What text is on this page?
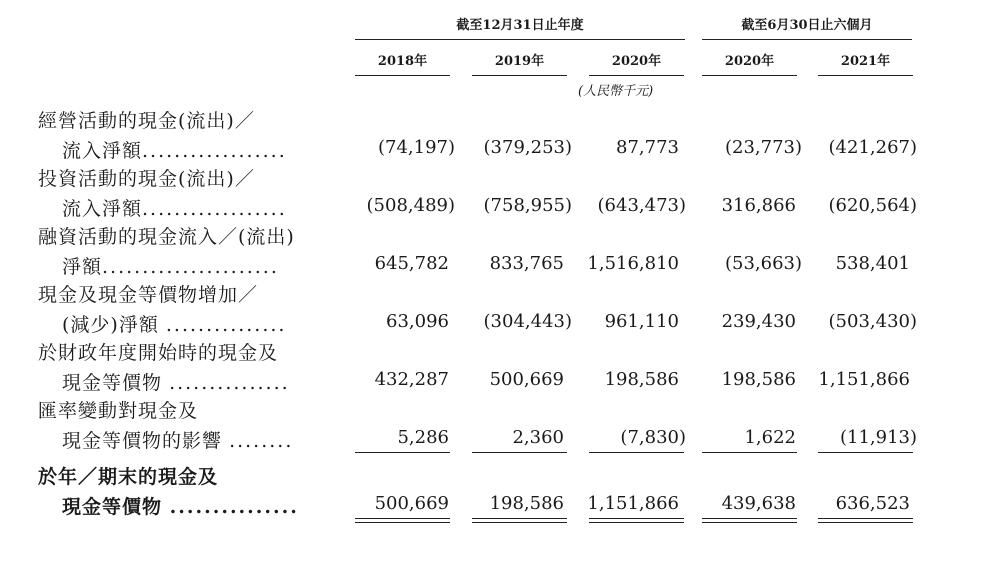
截至12月31日止年度	截至6月30日止六個月
2018年	2019年	2020年	2020年	2021年
(人民幣千元)
經營活動的現金(流出)／
流入淨額..................	(74,197)	(379,253)	87,773	(23,773)	(421,267)
投資活動的現金(流出)／
流入淨額..................	(508,489)	(758,955)	(643,473)	316,866	(620,564)
融資活動的現金流入／(流出)
淨額......................	645,782	833,765	1,516,810	(53,663)	538,401
現金及現金等價物增加／
(減少)淨額 ...............	63,096	(304,443)	961,110	239,430	(503,430)
於財政年度開始時的現金及
現金等價物 ...............	432,287	500,669	198,586	198,586	1,151,866
匯率變動對現金及
現金等價物的影響 ........	5,286	2,360	(7,830)	1,622	(11,913)
於年／期末的現金及
現金等價物 ...............	500,669	198,586	1,151,866	439,638	636,523
